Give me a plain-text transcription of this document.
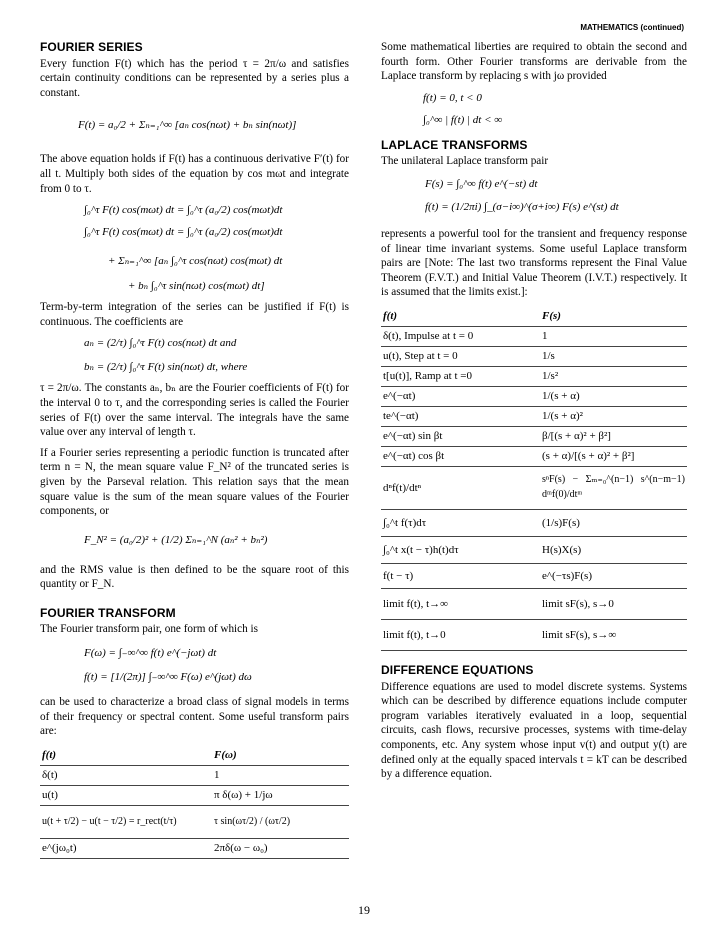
MATHEMATICS (continued)
FOURIER SERIES

Every function F(t) which has the period τ = 2π/ω and satisfies certain continuity conditions can be represented by a series plus a constant.

F(t) = a₀/2 + Σₙ₌₁^∞ [aₙ cos(nωt) + bₙ sin(nωt)]

The above equation holds if F(t) has a continuous derivative F′(t) for all t. Multiply both sides of the equation by cos mωt and integrate from 0 to τ.

∫₀^τ F(t) cos(mωt) dt = ∫₀^τ (a₀/2) cos(mωt)dt
∫₀^τ F(t) cos(mωt) dt = ∫₀^τ (a₀/2) cos(mωt)dt
+ Σₙ₌₁^∞ [aₙ ∫₀^τ cos(nωt) cos(mωt) dt
+ bₙ ∫₀^τ sin(nωt) cos(mωt) dt]

Term-by-term integration of the series can be justified if F(t) is continuous. The coefficients are

aₙ = (2/τ) ∫₀^τ F(t) cos(nωt) dt and
bₙ = (2/τ) ∫₀^τ F(t) sin(nωt) dt, where

τ = 2π/ω. The constants aₙ, bₙ are the Fourier coefficients of F(t) for the interval 0 to τ, and the corresponding series is called the Fourier series of F(t) over the same interval. The integrals have the same value over any interval of length τ.

If a Fourier series representing a periodic function is truncated after term n = N, the mean square value F_N² of the truncated series is given by the Parseval relation. This relation says that the mean square value is the sum of the mean square values of the Fourier components, or

F_N² = (a₀/2)² + (1/2) Σₙ₌₁^N (aₙ² + bₙ²)

and the RMS value is then defined to be the square root of this quantity or F_N.

FOURIER TRANSFORM

The Fourier transform pair, one form of which is

F(ω) = ∫₋∞^∞ f(t) e^(−jωt) dt
f(t) = [1/(2π)] ∫₋∞^∞ F(ω) e^(jωt) dω

can be used to characterize a broad class of signal models in terms of their frequency or spectral content. Some useful transform pairs are:

f(t)	F(ω)
δ(t)	1
u(t)	π δ(ω) + 1/jω
u(t + τ/2) − u(t − τ/2) = r_rect(t/τ)	τ sin(ωτ/2) / (ωτ/2)
e^(jω₀t)	2πδ(ω − ω₀)

Some mathematical liberties are required to obtain the second and fourth form. Other Fourier transforms are derivable from the Laplace transform by replacing s with jω provided

f(t) = 0, t < 0
∫₀^∞ | f(t) | dt < ∞
LAPLACE TRANSFORMS

The unilateral Laplace transform pair

F(s) = ∫₀^∞ f(t) e^(−st) dt
f(t) = (1/2πi) ∫_(σ−i∞)^(σ+i∞) F(s) e^(st) dt

represents a powerful tool for the transient and frequency response of linear time invariant systems. Some useful Laplace transform pairs are [Note: The last two transforms represent the Final Value Theorem (F.V.T.) and Initial Value Theorem (I.V.T.) respectively. It is assumed that the limits exist.]:

f(t)	F(s)
δ(t), Impulse at t = 0	1
u(t), Step at t = 0	1/s
t[u(t)], Ramp at t =0	1/s²
e^(−αt)	1/(s + α)
te^(−αt)	1/(s + α)²
e^(−αt) sin βt	β/[(s + α)² + β²]
e^(−αt) cos βt	(s + α)/[(s + α)² + β²]
dⁿf(t)/dtⁿ	sⁿF(s) − Σₘ₌₀^(n−1) s^(n−m−1) dᵐf(0)/dtᵐ
∫₀^t f(τ)dτ	(1/s)F(s)
∫₀^t x(t − τ)h(t)dτ	H(s)X(s)
f(t − τ)	e^(−τs)F(s)
limit f(t), t→∞	limit sF(s), s→0
limit f(t), t→0	limit sF(s), s→∞
DIFFERENCE EQUATIONS

Difference equations are used to model discrete systems. Systems which can be described by difference equations include computer program variables iteratively evaluated in a loop, sequential circuits, cash flows, recursive processes, systems with time-delay components, etc. Any system whose input v(t) and output y(t) are defined only at the equally spaced intervals t = kT can be described by a difference equation.

19
